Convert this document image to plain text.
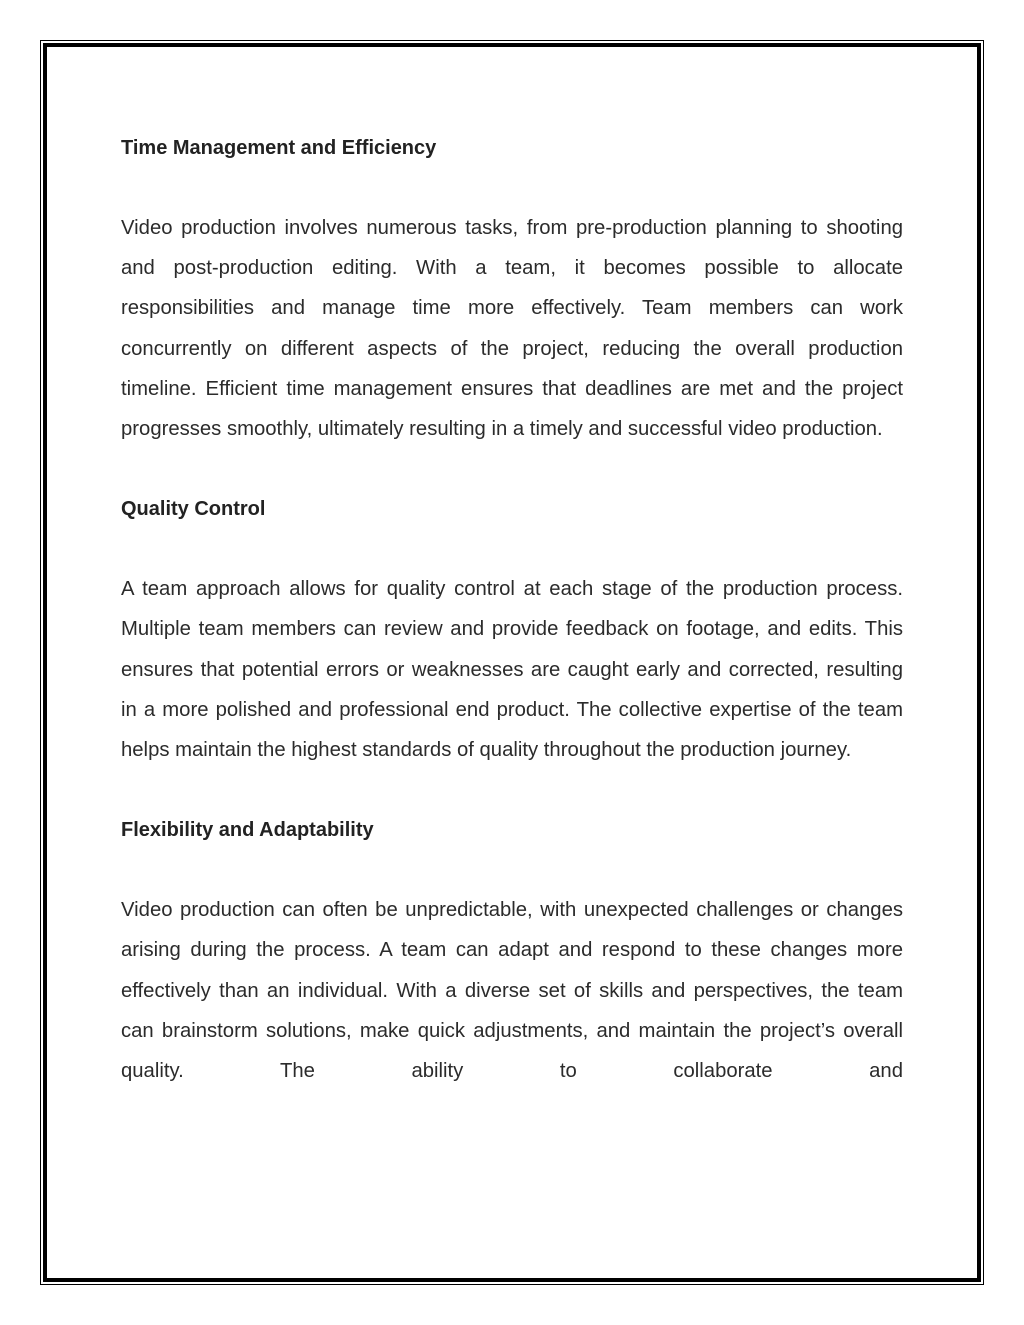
Time Management and Efficiency

Video production involves numerous tasks, from pre-production planning to shooting and post-production editing. With a team, it becomes possible to allocate responsibilities and manage time more effectively. Team members can work concurrently on different aspects of the project, reducing the overall production timeline. Efficient time management ensures that deadlines are met and the project progresses smoothly, ultimately resulting in a timely and successful video production.

Quality Control

A team approach allows for quality control at each stage of the production process. Multiple team members can review and provide feedback on footage, and edits. This ensures that potential errors or weaknesses are caught early and corrected, resulting in a more polished and professional end product. The collective expertise of the team helps maintain the highest standards of quality throughout the production journey.

Flexibility and Adaptability

Video production can often be unpredictable, with unexpected challenges or changes arising during the process. A team can adapt and respond to these changes more effectively than an individual. With a diverse set of skills and perspectives, the team can brainstorm solutions, make quick adjustments, and maintain the project’s overall quality. The ability to collaborate and
